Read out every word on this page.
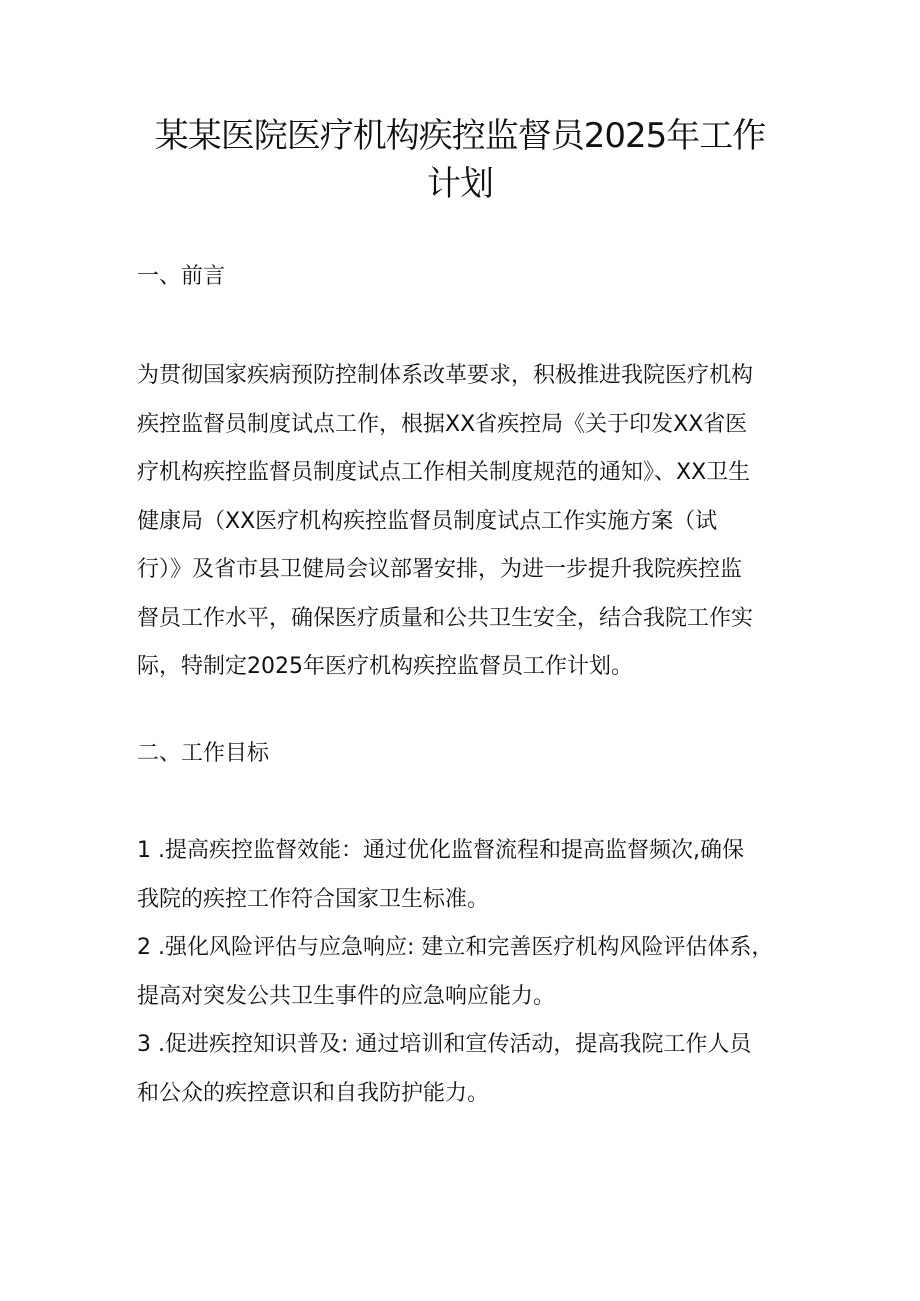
某某医院医疗机构疾控监督员2025年工作
计划
一、前言

为贯彻国家疾病预防控制体系改革要求，积极推进我院医疗机构
疾控监督员制度试点工作，根据XX省疾控局《关于印发XX省医
疗机构疾控监督员制度试点工作相关制度规范的通知》、XX卫生
健康局（XX医疗机构疾控监督员制度试点工作实施方案（试
行）》及省市县卫健局会议部署安排，为进一步提升我院疾控监
督员工作水平，确保医疗质量和公共卫生安全，结合我院工作实
际，特制定2025年医疗机构疾控监督员工作计划。

二、工作目标

1 .提高疾控监督效能：通过优化监督流程和提高监督频次,确保
我院的疾控工作符合国家卫生标准。
2 .强化风险评估与应急响应: 建立和完善医疗机构风险评估体系，
提高对突发公共卫生事件的应急响应能力。
3 .促进疾控知识普及: 通过培训和宣传活动，提高我院工作人员
和公众的疾控意识和自我防护能力。
